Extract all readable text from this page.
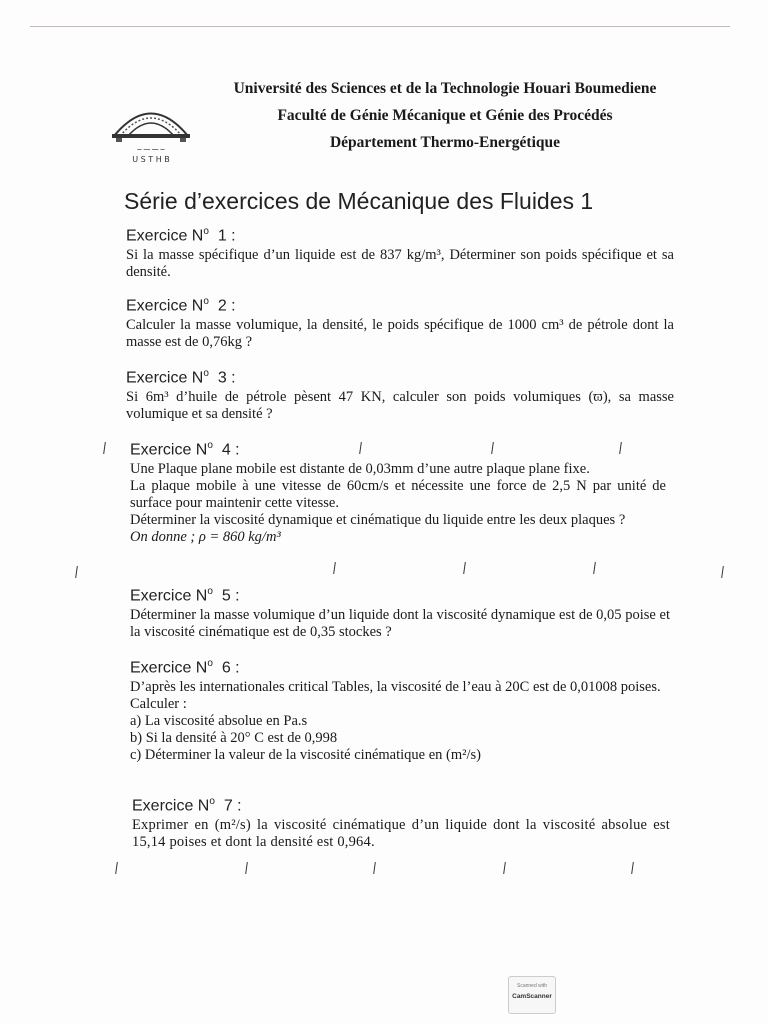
ــ ـــ ـــ ــ
U S T H B
Université des Sciences et de la Technologie Houari Boumediene
Faculté de Génie Mécanique et Génie des Procédés
Département Thermo-Energétique
Série d’exercices de Mécanique des Fluides 1
Exercice $N^o$ 1 :

Si la masse spécifique d’un liquide est de 837 kg/m³, Déterminer son poids spécifique et sa densité.

Exercice $N^o$ 2 :

Calculer la masse volumique, la densité, le poids spécifique de 1000 cm³ de pétrole dont la masse est de 0,76kg ?

Exercice $N^o$ 3 :

Si 6m³ d’huile de pétrole pèsent 47 KN, calculer son poids volumiques (ϖ), sa masse volumique et sa densité ?

Exercice $N^o$ 4 :

Une Plaque plane mobile est distante de 0,03mm d’une autre plaque plane fixe.

La plaque mobile à une vitesse de 60cm/s et nécessite une force de 2,5 N par unité de surface pour maintenir cette vitesse.

Déterminer la viscosité dynamique et cinématique du liquide entre les deux plaques ?

On donne ; ρ = 860 kg/m³

Exercice $N^o$ 5 :

Déterminer la masse volumique d’un liquide dont la viscosité dynamique est de 0,05 poise et la viscosité cinématique est de 0,35 stockes ?

Exercice $N^o$ 6 :

D’après les internationales critical Tables, la viscosité de l’eau à 20C est de 0,01008 poises.

Calculer :

a) La viscosité absolue en Pa.s

b) Si la densité à 20° C est de 0,998

c) Déterminer la valeur de la viscosité cinématique en (m²/s)

Exercice $N^o$ 7 :

Exprimer en (m²/s) la viscosité cinématique d’un liquide dont la viscosité absolue est 15,14 poises et dont la densité est 0,964.

Scanned with
CamScanner
